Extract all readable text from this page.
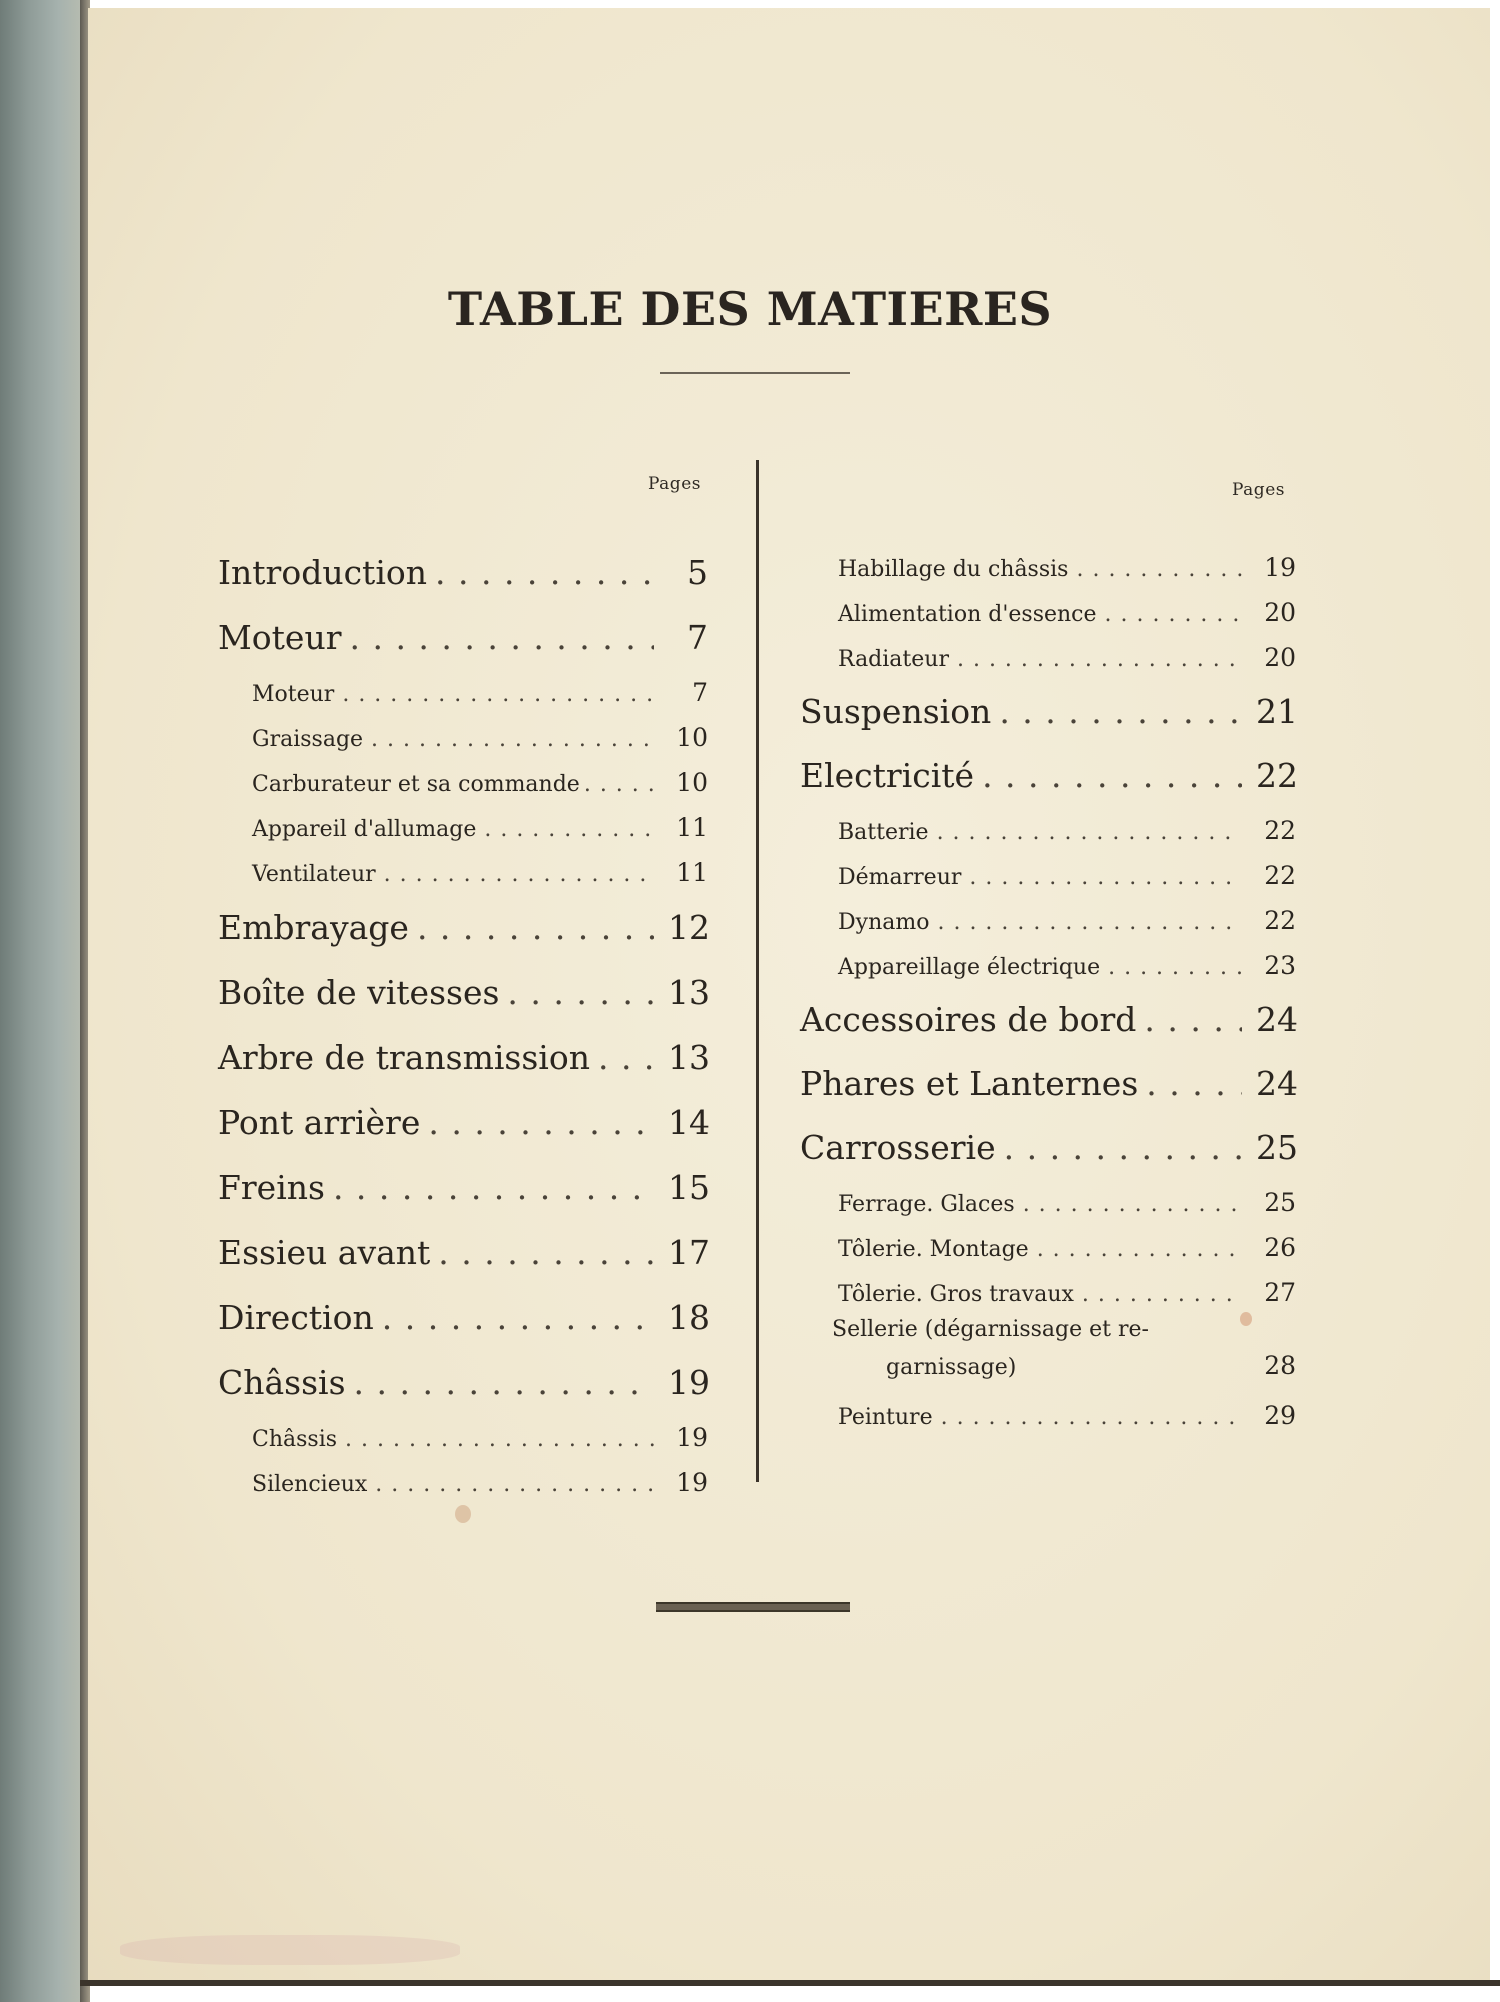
TABLE DES MATIERES
Pages	Pages
Introduction . . .	5
Moteur . . .	7
Moteur . . .	7
Graissage . . .	10
Carburateur et sa commande . . .	10
Appareil d'allumage . . .	11
Ventilateur . . .	11
Embrayage . . .	12
Boîte de vitesses . . .	13
Arbre de transmission . . . 13
Pont arrière . . .	14
Freins . . .	15
Essieu avant . . .	17
Direction . . .	18
Châssis . . .	19
Châssis . . .	19
Silencieux . . .	19
Habillage du châssis . . .	19
Alimentation d'essence . . .	20
Radiateur . . .	20
Suspension . . .	21
Electricité . . .	22
Batterie . . .	22
Démarreur . . .	22
Dynamo . . .	22
Appareillage électrique . . .	23
Accessoires de bord . . .	24
Phares et Lanternes . . .	24
Carrosserie . . .	25
Ferrage. Glaces . . .	25
Tôlerie. Montage . . .	26
Tôlerie. Gros travaux . . .	27
Sellerie (dégarnissage et re-
garnissage)	28
Peinture . . .	29
